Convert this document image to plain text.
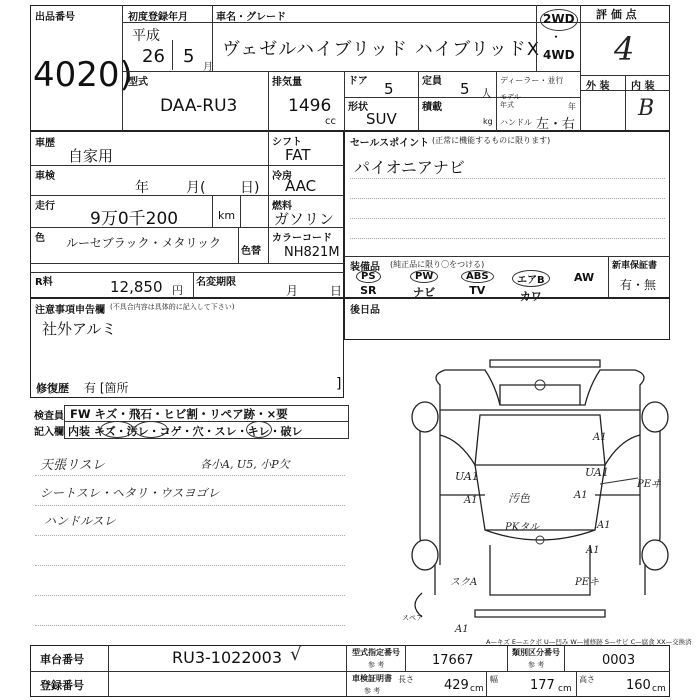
出品番号
4020)
初度登録年月
平成
26 5
月
車名・グレード
ヴェゼルハイブリッド ハイブリッドX
2WD
・
4WD
評 価 点
4
外 装 内 装
B
型式
DAA-RU3
排気量
1496
cc
ドア 5	定員 5 人
ディーラー・並行
形状
SUV
積載
kg
モデル年式	年
ハンドル 左・右
車歴
自家用
シフト
FAT
車検
年	月( 日)
冷房
AAC
走行
9万0千200	km
燃料
ガソリン
色 ルーセブラック・メタリック
色替
カラーコード
NH821M
R料	12,850 円
名変期限
月	日
セールスポイント (正常に機能するものに限ります)
パイオニアナビ
装備品 (純正品に限り〇をつける)	新車保証書
有・無
PS
SR
PW
ナビ
ABS
TV
エアB
カワ
AW
注意事項申告欄 (不具合内容は具体的に記入して下さい)
社外アルミ
修復歴 有 [箇所	]
後日品
検査員
記入欄
FW キズ・飛石・ヒビ割・リペア跡・×要
内装 キズ・汚レ・コゲ・穴・スレ・キレ・破レ
天張リスレ
シートスレ・ヘタリ・ウスヨゴレ
ハンドルスレ
各小A, U5, 小P欠
A1
UA1	UA1
A1
A1	汚色
PKタル	A1
A1
スクA	PEキ
A1
PEヰ
スペア
A—キズ E—エクボ U—凹み W—補修跡 S—サビ C—腐食 XX—交換済
車台番号	RU3-1022003 √
登録番号
型式指定番号
参 考	17667
類別区分番号
参 考	0003
車検証明書
参 考
長さ 429 cm
幅 177 cm
高さ 160 cm
